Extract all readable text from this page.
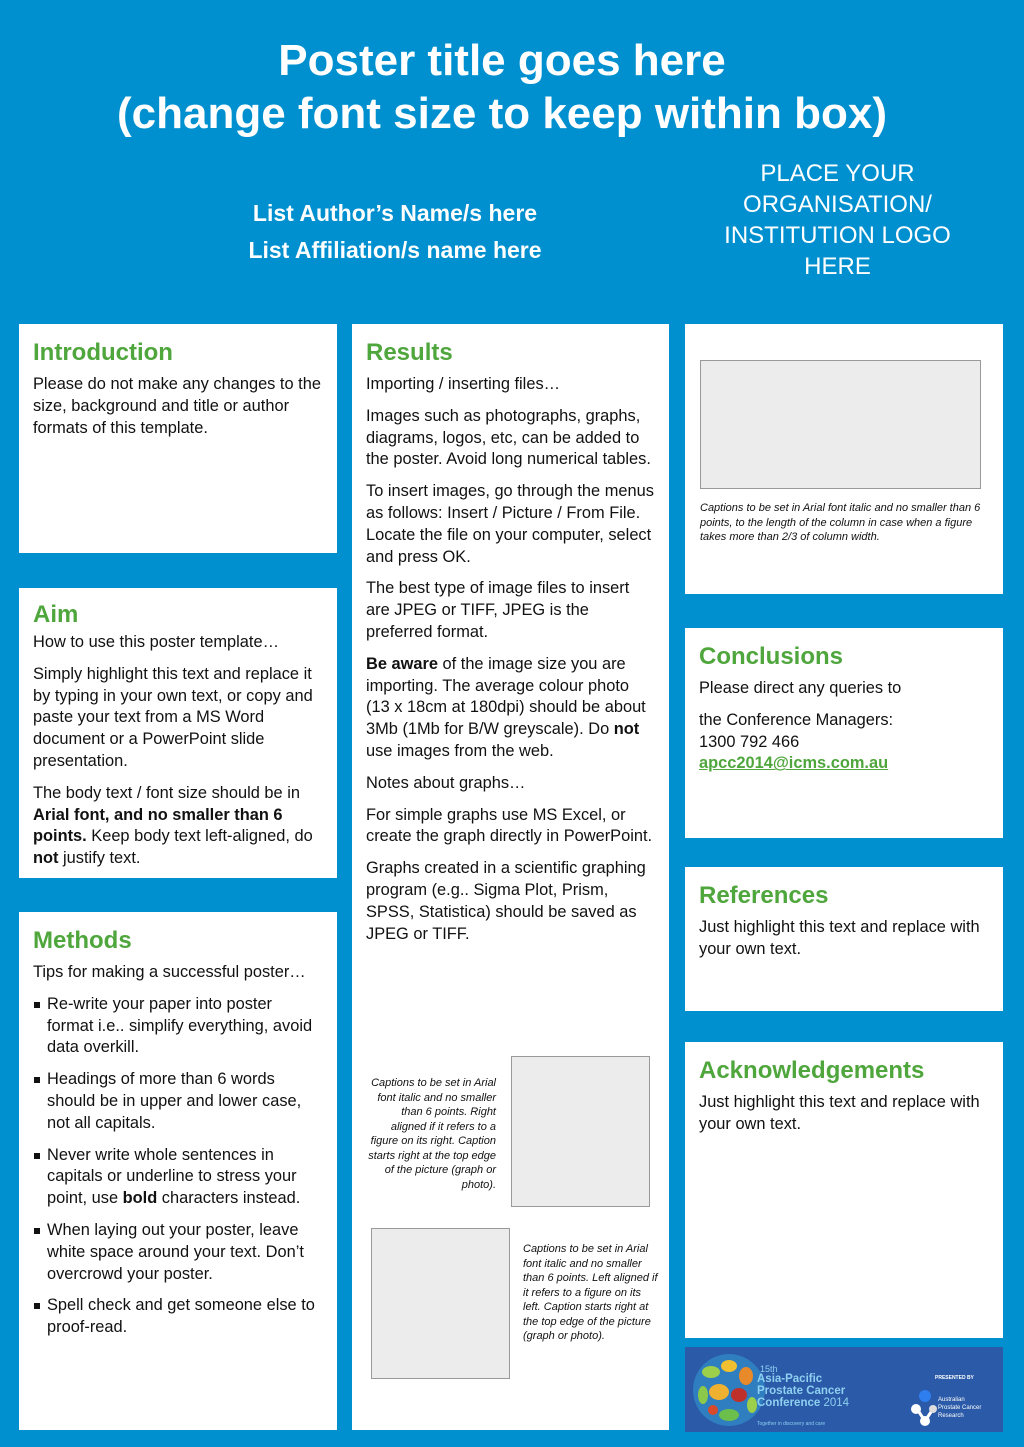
Poster title goes here
(change font size to keep within box)
List Author’s Name/s here
List Affiliation/s name here
PLACE YOUR ORGANISATION/ INSTITUTION LOGO HERE
Introduction

Please do not make any changes to the size, background and title or author formats of this template.

Aim

How to use this poster template…

Simply highlight this text and replace it by typing in your own text, or copy and paste your text from a MS Word document or a PowerPoint slide presentation.

The body text / font size should be in Arial font, and no smaller than 6 points. Keep body text left-aligned, do not justify text.

Methods

Tips for making a successful poster…

Re-write your paper into poster format i.e.. simplify everything, avoid data overkill.
Headings of more than 6 words should be in upper and lower case, not all capitals.
Never write whole sentences in capitals or underline to stress your point, use bold characters instead.
When laying out your poster, leave white space around your text. Don’t overcrowd your poster.
Spell check and get someone else to proof-read.
Results

Importing / inserting files…

Images such as photographs, graphs, diagrams, logos, etc, can be added to the poster. Avoid long numerical tables.

To insert images, go through the menus as follows: Insert / Picture / From File. Locate the file on your computer, select and press OK.

The best type of image files to insert are JPEG or TIFF, JPEG is the preferred format.

Be aware of the image size you are importing. The average colour photo (13 x 18cm at 180dpi) should be about 3Mb (1Mb for B/W greyscale). Do not use images from the web.

Notes about graphs…

For simple graphs use MS Excel, or create the graph directly in PowerPoint.

Graphs created in a scientific graphing program (e.g.. Sigma Plot, Prism, SPSS, Statistica) should be saved as JPEG or TIFF.

Captions to be set in Arial font italic and no smaller than 6 points. Right aligned if it refers to a figure on its right. Caption starts right at the top edge of the picture (graph or photo).
Captions to be set in Arial font italic and no smaller than 6 points. Left aligned if it refers to a figure on its left. Caption starts right at the top edge of the picture (graph or photo).
Captions to be set in Arial font italic and no smaller than 6 points, to the length of the column in case when a figure takes more than 2/3 of column width.
Conclusions

Please direct any queries to

the Conference Managers:
1300 792 466
apcc2014@icms.com.au

References

Just highlight this text and replace with your own text.

Acknowledgements

Just highlight this text and replace with your own text.

15th
Asia-Pacific
Prostate Cancer
Conference 2014
Together in discovery and care
PRESENTED BY
Australian
Prostate Cancer
Research
